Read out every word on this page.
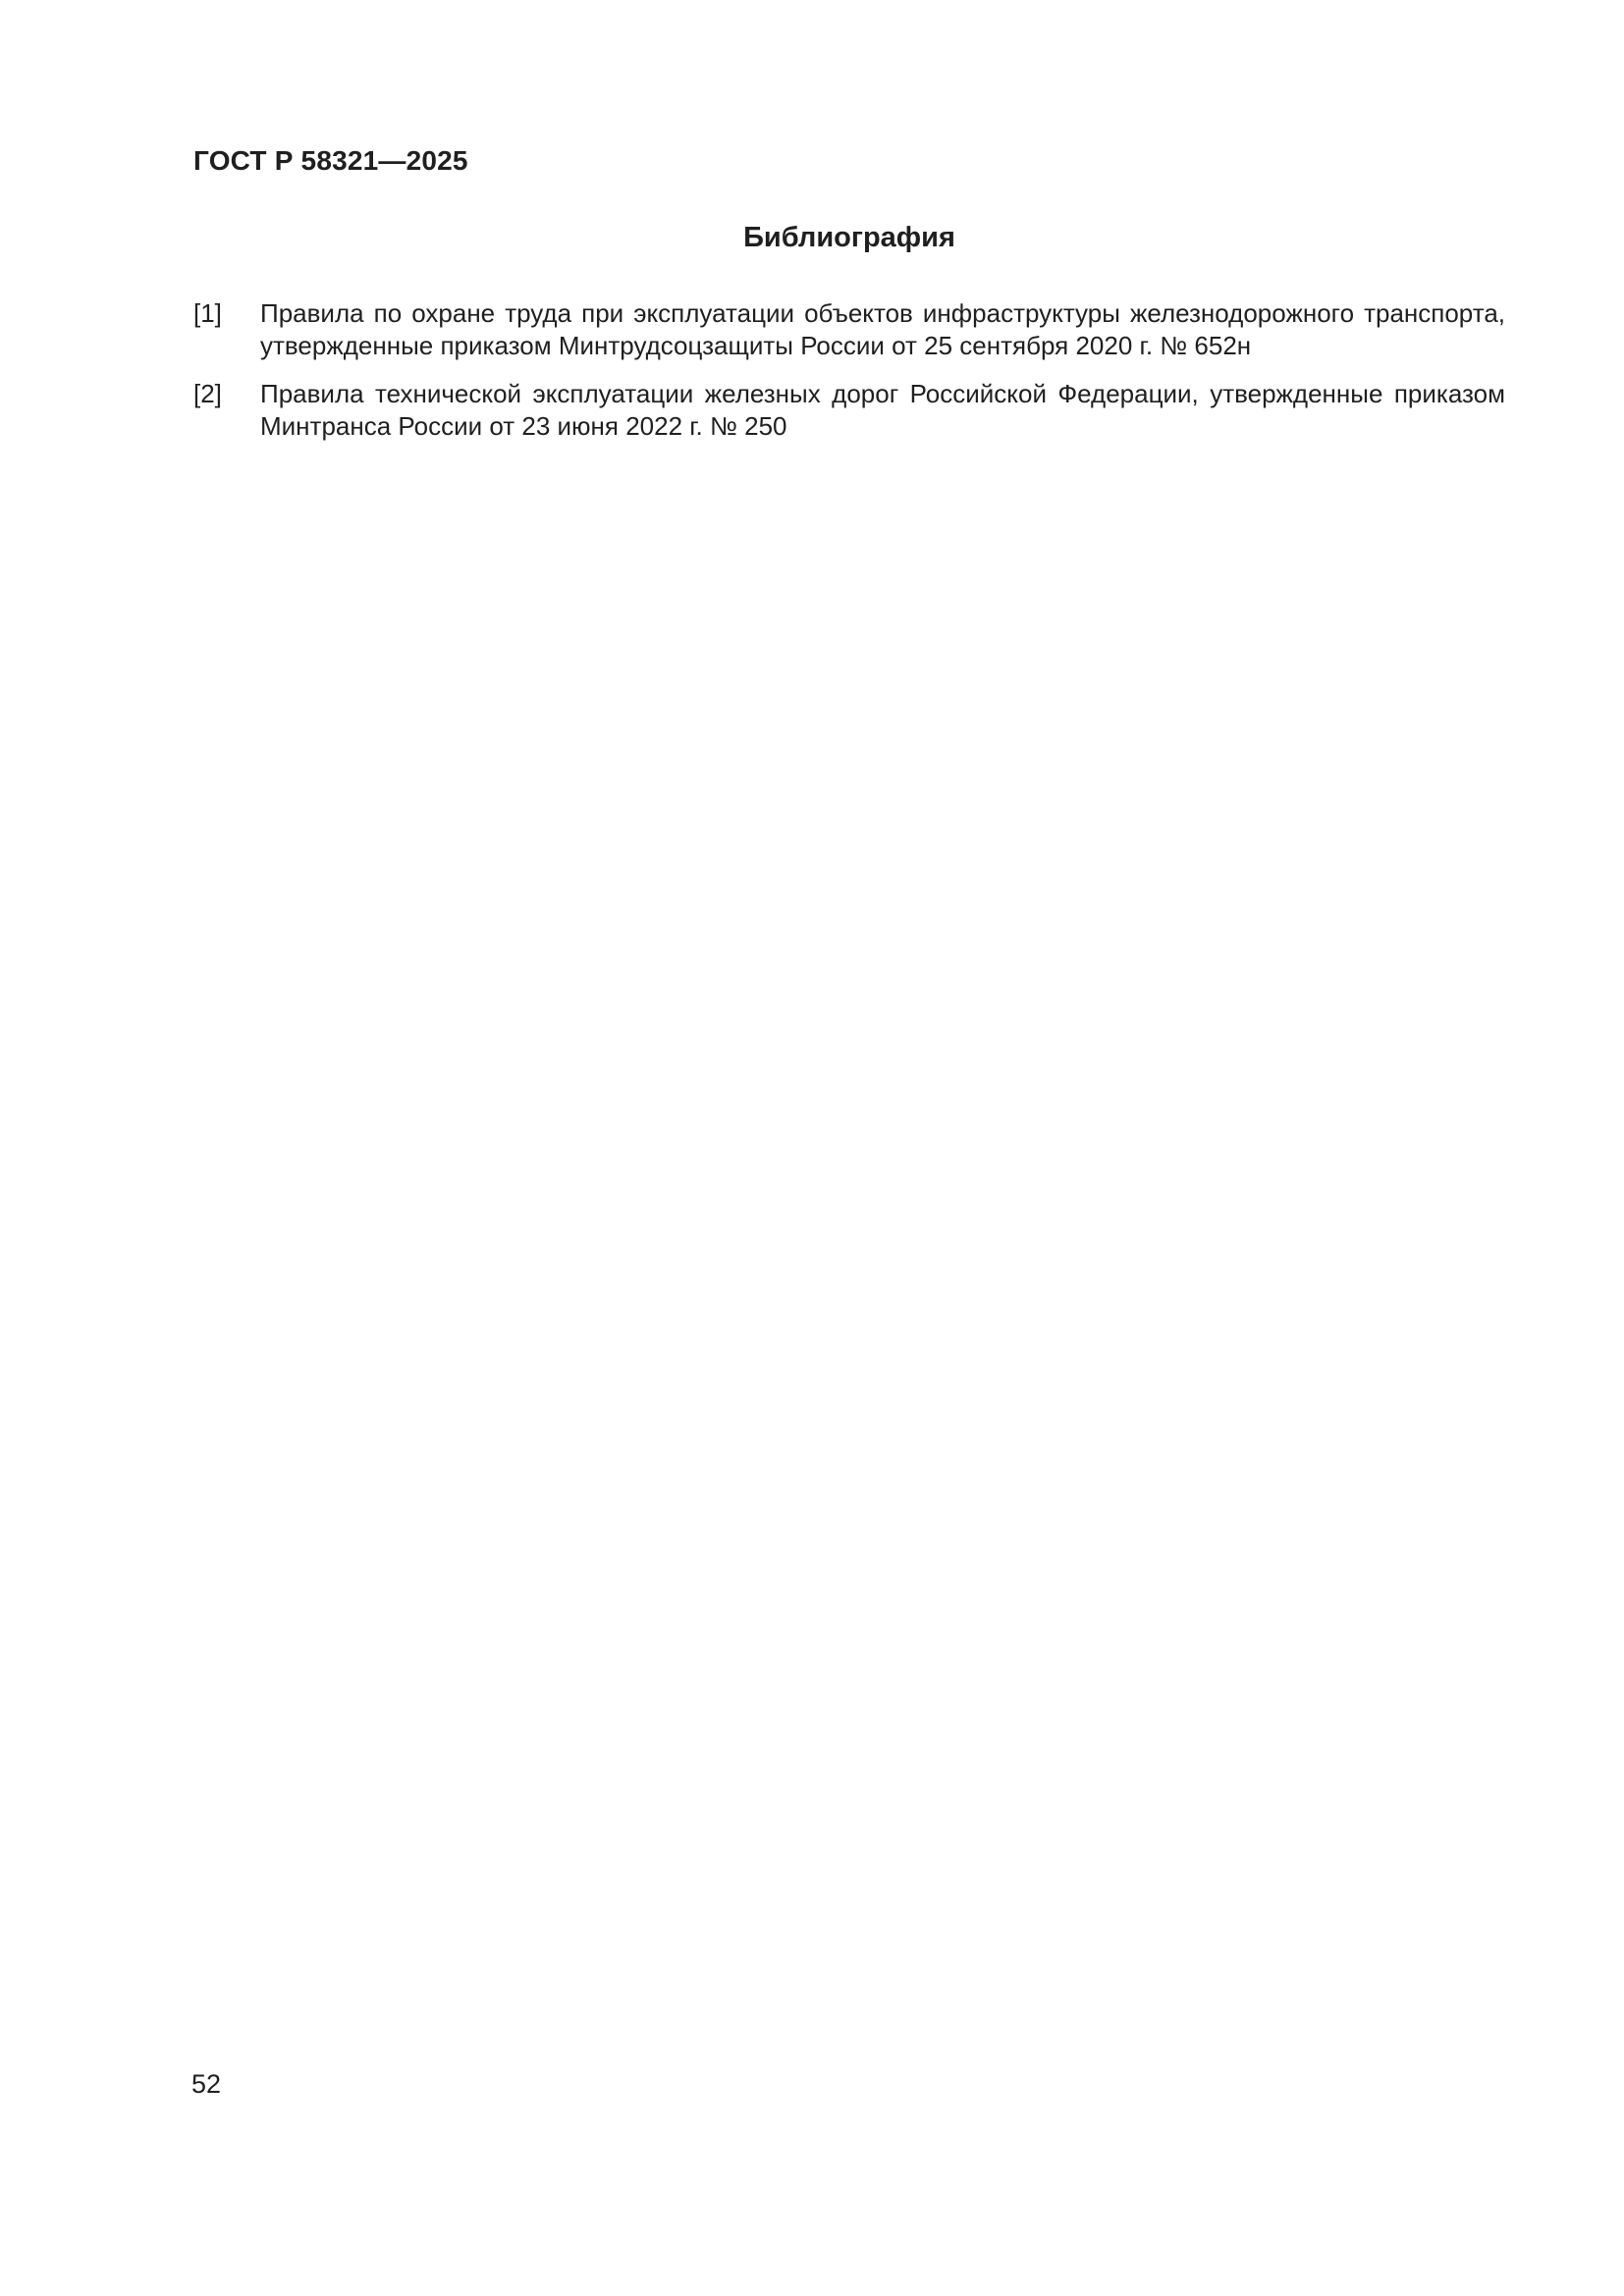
ГОСТ Р 58321—2025
Библиография
[1]	Правила по охране труда при эксплуатации объектов инфраструктуры железнодорожного транспорта,
утвержденные приказом Минтрудсоцзащиты России от 25 сентября 2020 г. № 652н
[2]	Правила технической эксплуатации железных дорог Российской Федерации, утвержденные приказом
Минтранса России от 23 июня 2022 г. № 250
52
